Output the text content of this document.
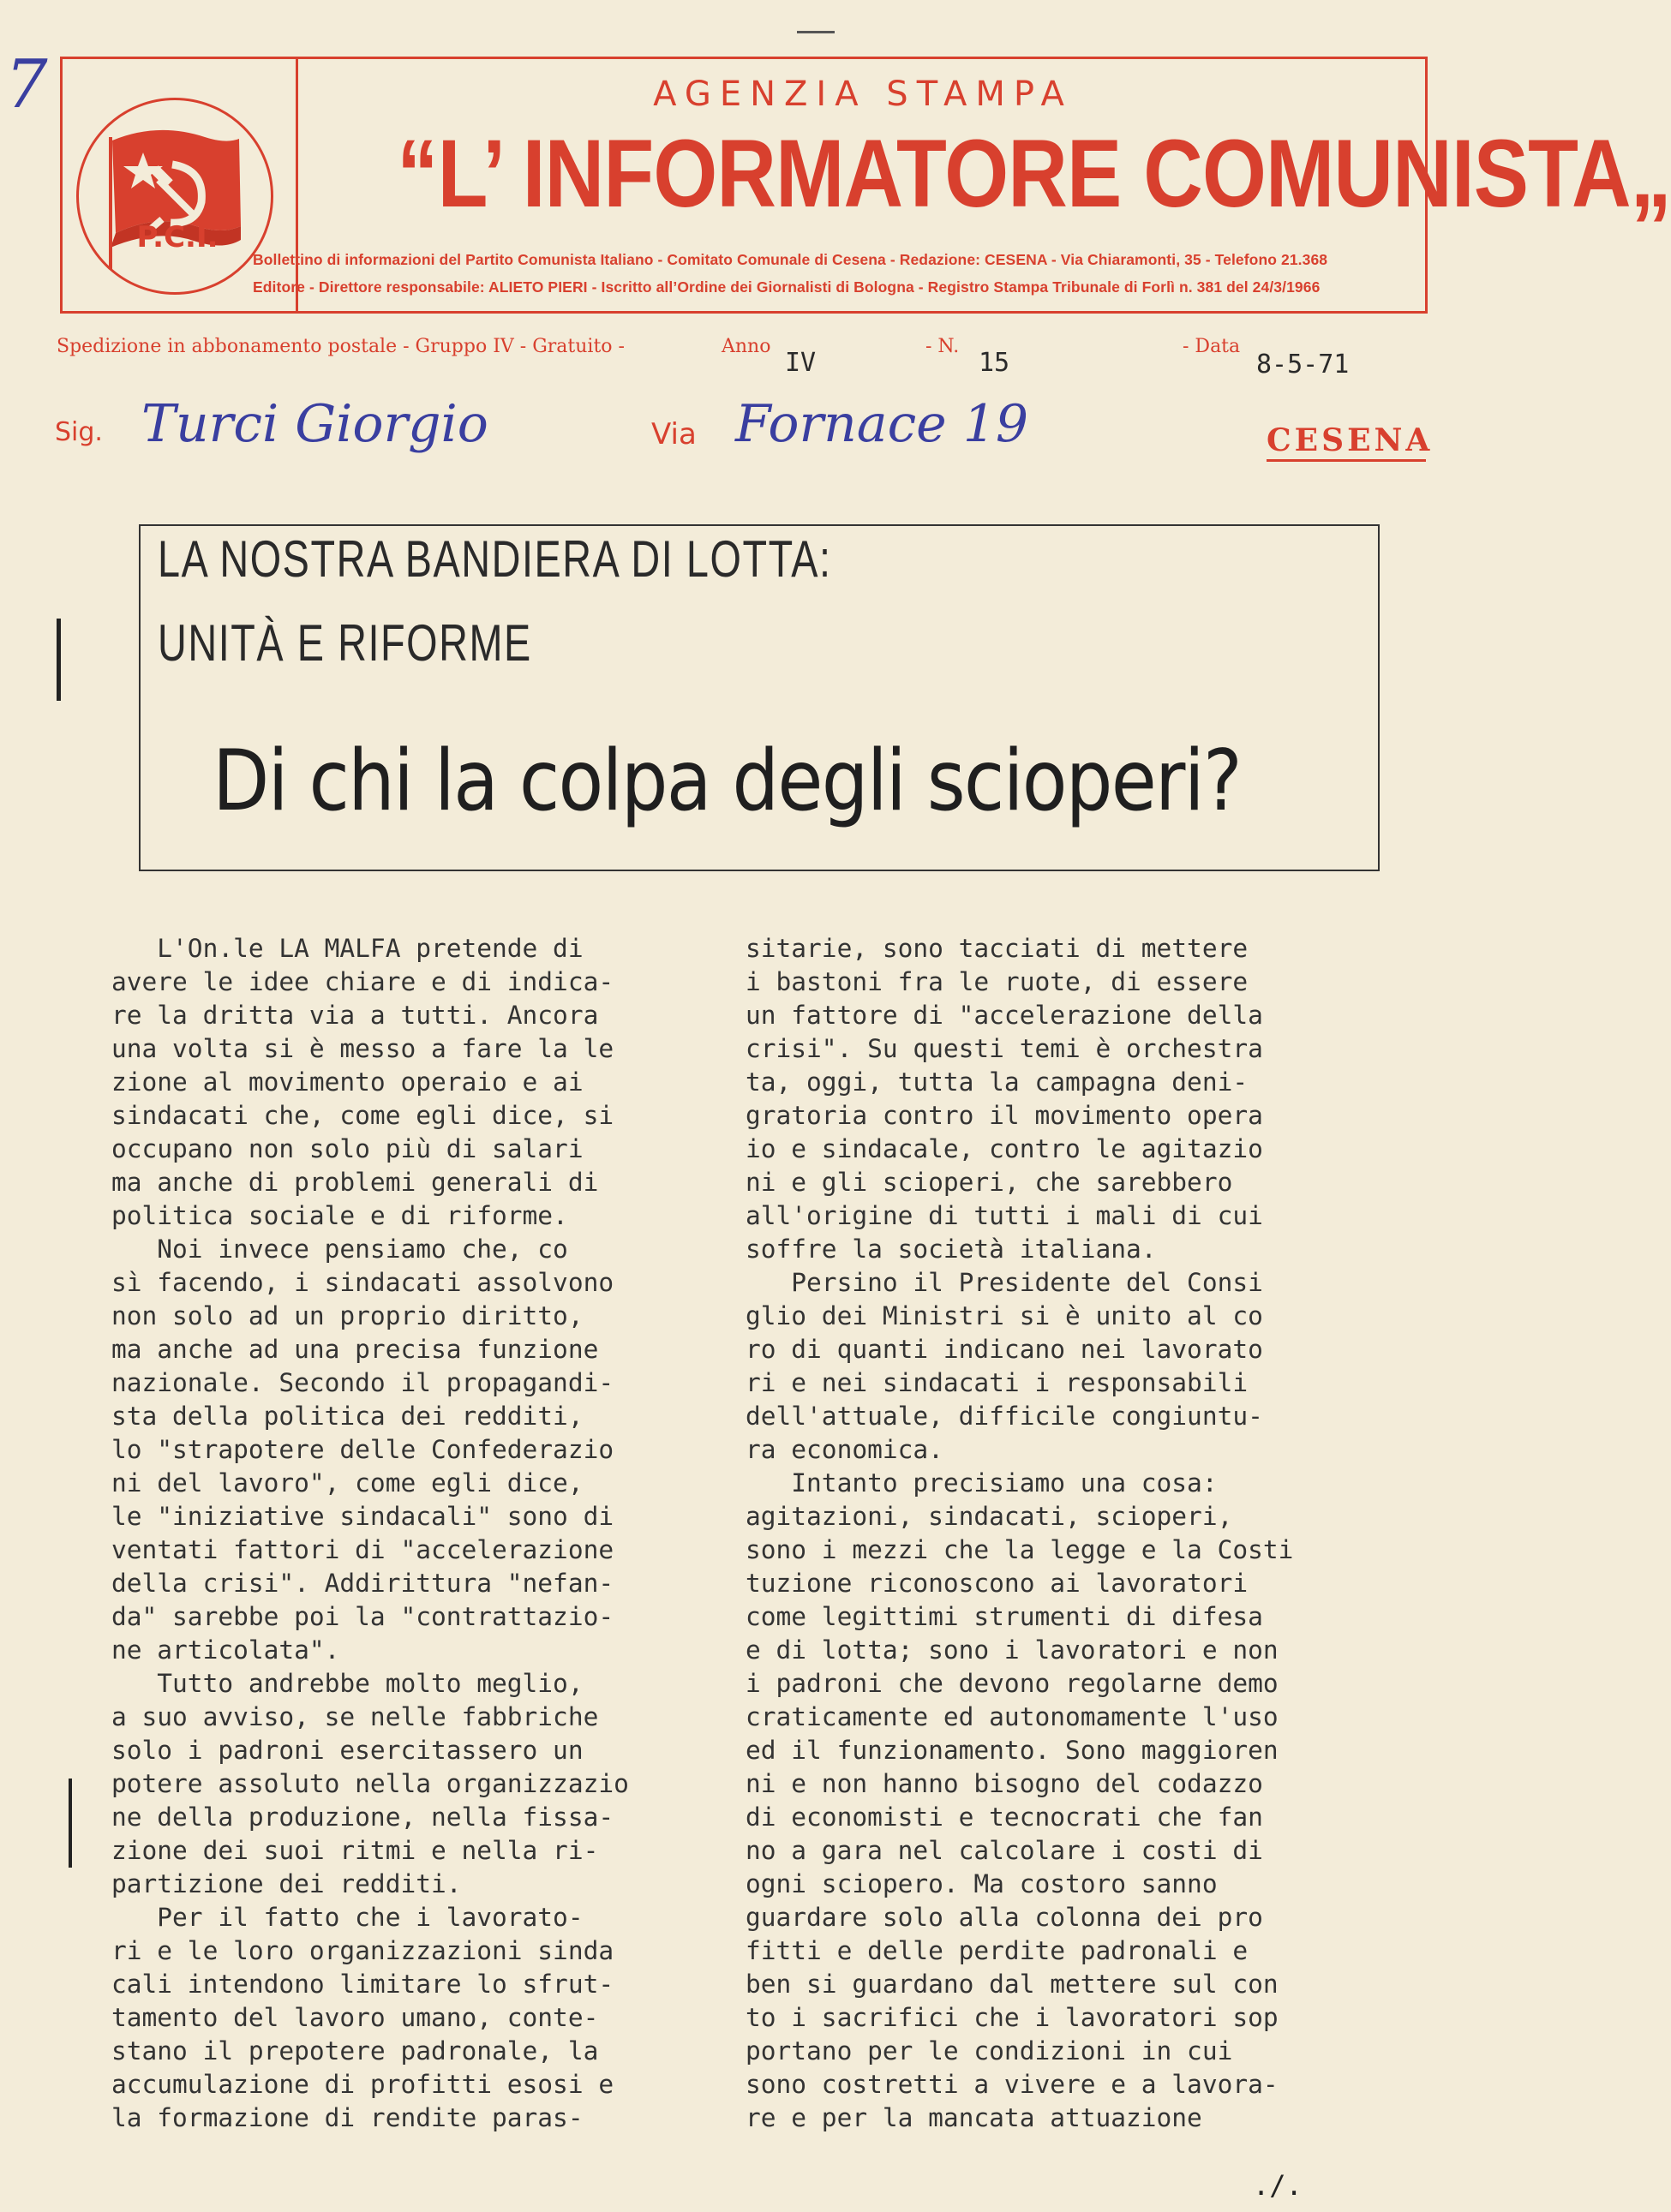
7
P.C.I.
AGENZIA STAMPA
“L’ INFORMATORE COMUNISTA„
Bollettino di informazioni del Partito Comunista Italiano - Comitato Comunale di Cesena - Redazione: CESENA - Via Chiaramonti, 35 - Telefono 21.368
Editore - Direttore responsabile: ALIETO PIERI - Iscritto all’Ordine dei Giornalisti di Bologna - Registro Stampa Tribunale di Forlì n. 381 del 24/3/1966
Spedizione in abbonamento postale - Gruppo IV - Gratuito -	Anno
IV
- N.
15
- Data
8-5-71
Sig. Turci Giorgio	Via Fornace 19	CESENA
LA NOSTRA BANDIERA DI LOTTA:
UNITÀ E RIFORME
Di chi la colpa degli scioperi?
L'On.le LA MALFA pretende di
avere le idee chiare e di indica-
re la dritta via a tutti. Ancora
una volta si è messo a fare la le
zione al movimento operaio e ai
sindacati che, come egli dice, si
occupano non solo più di salari
ma anche di problemi generali di
politica sociale e di riforme.
Noi invece pensiamo che, co
sì facendo, i sindacati assolvono
non solo ad un proprio diritto,
ma anche ad una precisa funzione
nazionale. Secondo il propagandi-
sta della politica dei redditi,
lo "strapotere delle Confederazio
ni del lavoro", come egli dice,
le "iniziative sindacali" sono di
ventati fattori di "accelerazione
della crisi". Addirittura "nefan-
da" sarebbe poi la "contrattazio-
ne articolata".
Tutto andrebbe molto meglio,
a suo avviso, se nelle fabbriche
solo i padroni esercitassero un
potere assoluto nella organizzazio
ne della produzione, nella fissa-
zione dei suoi ritmi e nella ri-
partizione dei redditi.
Per il fatto che i lavorato-
ri e le loro organizzazioni sinda
cali intendono limitare lo sfrut-
tamento del lavoro umano, conte-
stano il prepotere padronale, la
accumulazione di profitti esosi e
la formazione di rendite paras-
sitarie, sono tacciati di mettere
i bastoni fra le ruote, di essere
un fattore di "accelerazione della
crisi". Su questi temi è orchestra
ta, oggi, tutta la campagna deni-
gratoria contro il movimento opera
io e sindacale, contro le agitazio
ni e gli scioperi, che sarebbero
all'origine di tutti i mali di cui
soffre la società italiana.
Persino il Presidente del Consi
glio dei Ministri si è unito al co
ro di quanti indicano nei lavorato
ri e nei sindacati i responsabili
dell'attuale, difficile congiuntu-
ra economica.
Intanto precisiamo una cosa:
agitazioni, sindacati, scioperi,
sono i mezzi che la legge e la Costi
tuzione riconoscono ai lavoratori
come legittimi strumenti di difesa
e di lotta; sono i lavoratori e non
i padroni che devono regolarne demo
craticamente ed autonomamente l'uso
ed il funzionamento. Sono maggioren
ni e non hanno bisogno del codazzo
di economisti e tecnocrati che fan
no a gara nel calcolare i costi di
ogni sciopero. Ma costoro sanno
guardare solo alla colonna dei pro
fitti e delle perdite padronali e
ben si guardano dal mettere sul con
to i sacrifici che i lavoratori sop
portano per le condizioni in cui
sono costretti a vivere e a lavora-
re e per la mancata attuazione
./.
